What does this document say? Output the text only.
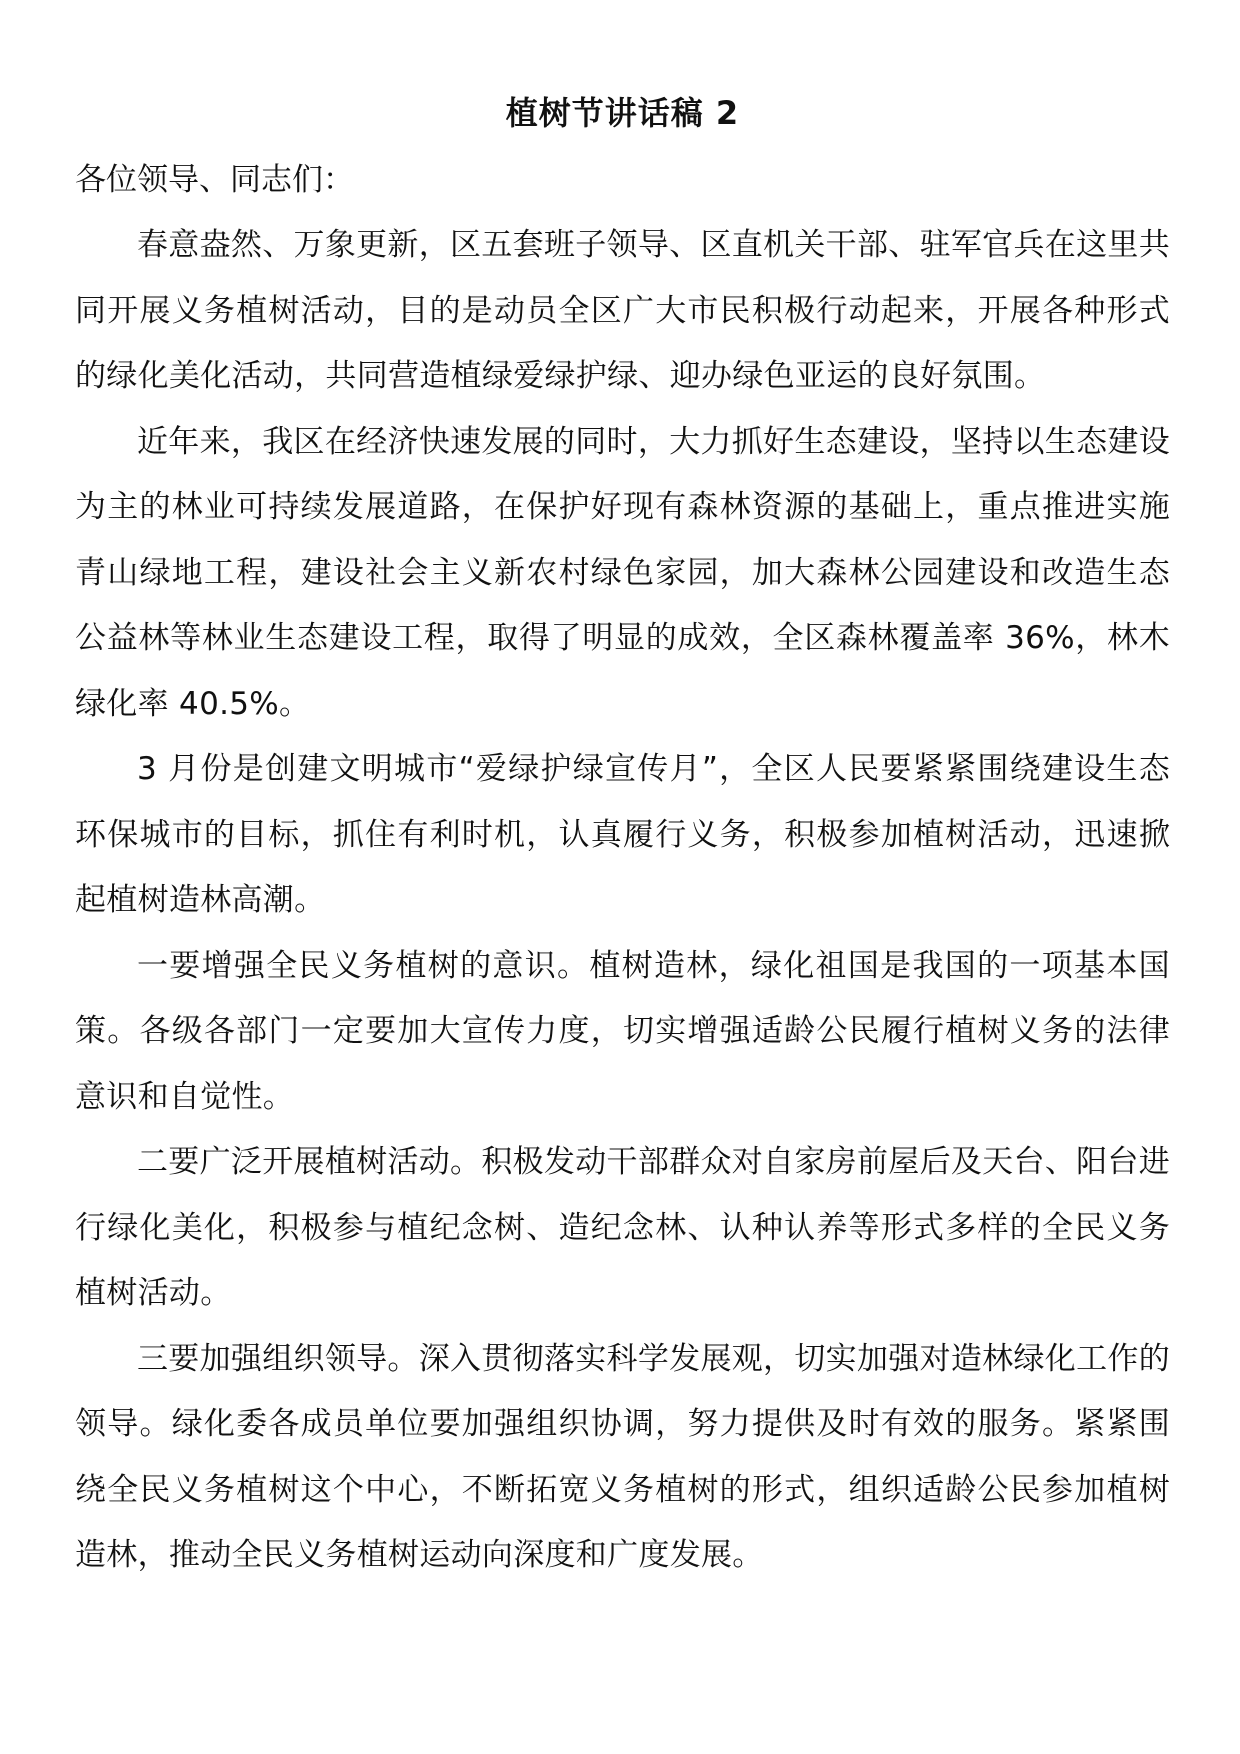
植树节讲话稿 2

各位领导、同志们：

春意盎然、万象更新，区五套班子领导、区直机关干部、驻军官兵在这里共同开展义务植树活动，目的是动员全区广大市民积极行动起来，开展各种形式的绿化美化活动，共同营造植绿爱绿护绿、迎办绿色亚运的良好氛围。

近年来，我区在经济快速发展的同时，大力抓好生态建设，坚持以生态建设为主的林业可持续发展道路，在保护好现有森林资源的基础上，重点推进实施青山绿地工程，建设社会主义新农村绿色家园，加大森林公园建设和改造生态公益林等林业生态建设工程，取得了明显的成效，全区森林覆盖率 36%，林木绿化率 40.5%。

3 月份是创建文明城市“爱绿护绿宣传月”，全区人民要紧紧围绕建设生态环保城市的目标，抓住有利时机，认真履行义务，积极参加植树活动，迅速掀起植树造林高潮。

一要增强全民义务植树的意识。植树造林，绿化祖国是我国的一项基本国策。各级各部门一定要加大宣传力度，切实增强适龄公民履行植树义务的法律意识和自觉性。

二要广泛开展植树活动。积极发动干部群众对自家房前屋后及天台、阳台进行绿化美化，积极参与植纪念树、造纪念林、认种认养等形式多样的全民义务植树活动。

三要加强组织领导。深入贯彻落实科学发展观，切实加强对造林绿化工作的领导。绿化委各成员单位要加强组织协调，努力提供及时有效的服务。紧紧围绕全民义务植树这个中心，不断拓宽义务植树的形式，组织适龄公民参加植树造林，推动全民义务植树运动向深度和广度发展。
